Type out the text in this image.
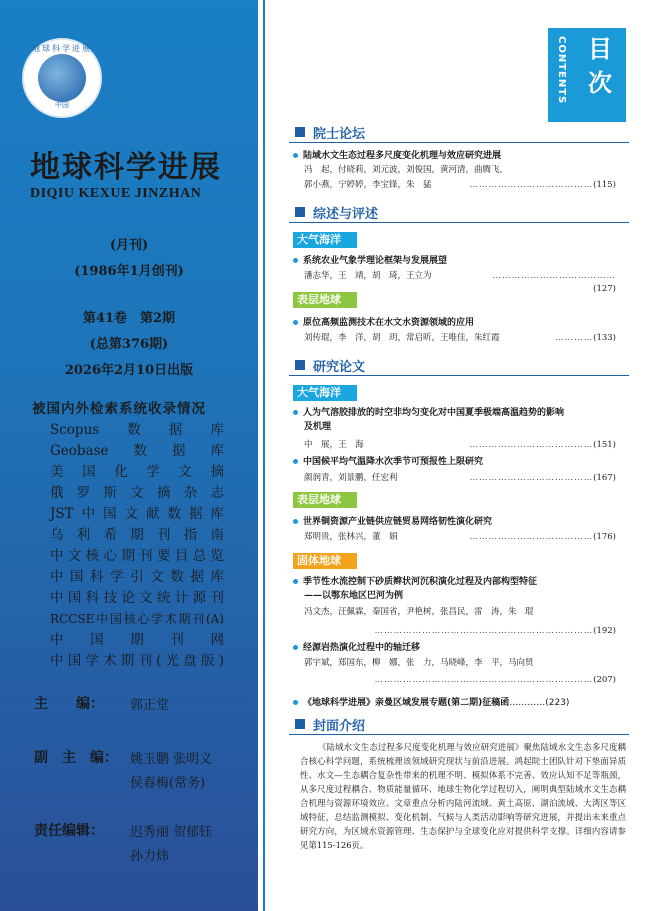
地球科学进展
中国
地球科学进展
DIQIU KEXUE JINZHAN
(月刊)
(1986年1月创刊)
第41卷　第2期
(总第376期)
2026年2月10日出版
被国内外检索系统收录情况
Scopus数据库
Geobase数据库
美国化学文摘
俄罗斯文摘杂志
JST中国文献数据库
乌利希期刊指南
中文核心期刊要目总览
中国科学引文数据库
中国科技论文统计源刊
RCCSE中国核心学术期刊(A)
中国期刊网
中国学术期刊(光盘版)
主　　编： 郭正堂
副　主　编： 姚玉鹏 张明义
侯春梅(常务)
责任编辑： 迟秀丽 贺郁钰
孙力炜
CONTENTS 目次
院士论坛
陆域水文生态过程多尺度变化机理与效应研究进展
冯　起，付晓莉，刘元波，刘俊国，黄河清，曲腾飞，
郭小燕，宁婷婷，李宝锋，朱　猛	…………………………………(115)
综述与评述
大气海洋
系统农业气象学理论框架与发展展望
潘志华，王　靖，胡　琦，王立为	…………………………………(127)
表层地球
原位高频监测技术在水文水资源领域的应用
刘传琨，李　洋，胡　玥，常启昕，王唯佳，朱红霞	…………(133)
研究论文
大气海洋
人为气溶胶排放的时空非均匀变化对中国夏季极端高温趋势的影响
及机理
中　展，王　海	…………………………………(151)
中国候平均气温降水次季节可预报性上限研究
颜润青，刘景鹏，任宏利	…………………………………(167)
表层地球
世界铜资源产业链供应链贸易网络韧性演化研究
郑明贵，张林兴，董　娟	…………………………………(176)
固体地球
季节性水流控制下砂质辫状河沉积演化过程及内部构型特征
——以鄂东地区巴河为例
冯文杰，汪佩霖，秦国省，尹艳树，张昌民，雷　涛，朱　琨
……………………………………………………………(192)
经源岩热演化过程中的轴迁移
郭宇斌，郑国东，柳　娜，张　力，马晓峰，李　平，马向贤
……………………………………………………………(207)
《地球科学进展》亲曼区域发展专题(第二期)征稿函…………(223)
封面介绍
《陆域水文生态过程多尺度变化机理与效应研究进展》聚焦陆域水文生态多尺度耦合核心科学问题，系统梳理该领域研究现状与前沿进展。鸿起院士团队针对下垫面异质性、水文—生态耦合复杂性带来的机理不明、模拟体系不完善、效应认知不足等瓶颈，从多尺度过程耦合、物质能量循环、地球生物化学过程切入，阐明典型陆域水文生态耦合机理与资源环境效应。文章重点分析内陆河流域、黄土高原、湖泊流域、大湾区等区域特征，总结监测模拟、变化机制、气候与人类活动影响等研究进展，并提出未来重点研究方向，为区域水资源管理、生态保护与全球变化应对提供科学支撑。详细内容请参见第115-126页。
